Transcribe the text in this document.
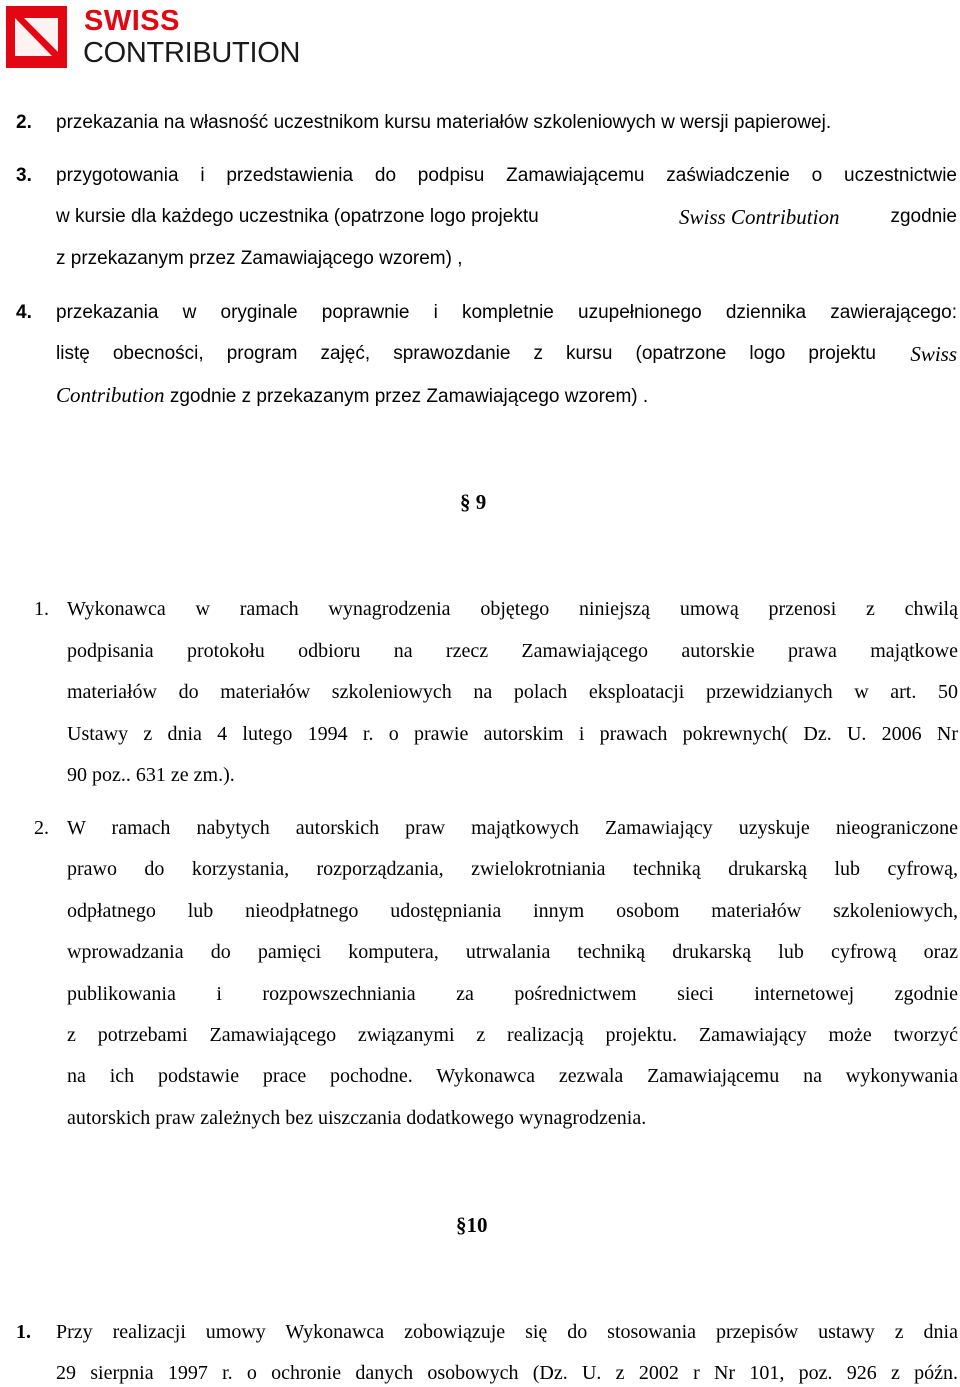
SWISS
CONTRIBUTION
2. przekazania na własność uczestnikom kursu materiałów szkoleniowych w wersji papierowej.
3. przygotowania i przedstawienia do podpisu Zamawiającemu zaświadczenie o uczestnictwie
w kursie dla każdego uczestnika (opatrzone logo projektu	Swiss Contribution	zgodnie
z przekazanym przez Zamawiającego wzorem) ,
4. przekazania w oryginale poprawnie i kompletnie uzupełnionego dziennika zawierającego:
listę obecności, program zajęć, sprawozdanie z kursu (opatrzone logo projektu Swiss
Contribution zgodnie z przekazanym przez Zamawiającego wzorem) .
§ 9
1. Wykonawca w ramach wynagrodzenia objętego niniejszą umową przenosi z chwilą
podpisania protokołu odbioru na rzecz Zamawiającego autorskie prawa majątkowe
materiałów do materiałów szkoleniowych na polach eksploatacji przewidzianych w art. 50
Ustawy z dnia 4 lutego 1994 r. o prawie autorskim i prawach pokrewnych( Dz. U. 2006 Nr
90 poz.. 631 ze zm.).
2. W ramach nabytych autorskich praw majątkowych Zamawiający uzyskuje nieograniczone
prawo do korzystania, rozporządzania, zwielokrotniania techniką drukarską lub cyfrową,
odpłatnego lub nieodpłatnego udostępniania innym osobom materiałów szkoleniowych,
wprowadzania do pamięci komputera, utrwalania techniką drukarską lub cyfrową oraz
publikowania i rozpowszechniania za pośrednictwem sieci internetowej zgodnie
z potrzebami Zamawiającego związanymi z realizacją projektu. Zamawiający może tworzyć
na ich podstawie prace pochodne. Wykonawca zezwala Zamawiającemu na wykonywania
autorskich praw zależnych bez uiszczania dodatkowego wynagrodzenia.
§10
1. Przy realizacji umowy Wykonawca zobowiązuje się do stosowania przepisów ustawy z dnia
29 sierpnia 1997 r. o ochronie danych osobowych (Dz. U. z 2002 r Nr 101, poz. 926 z późn.
